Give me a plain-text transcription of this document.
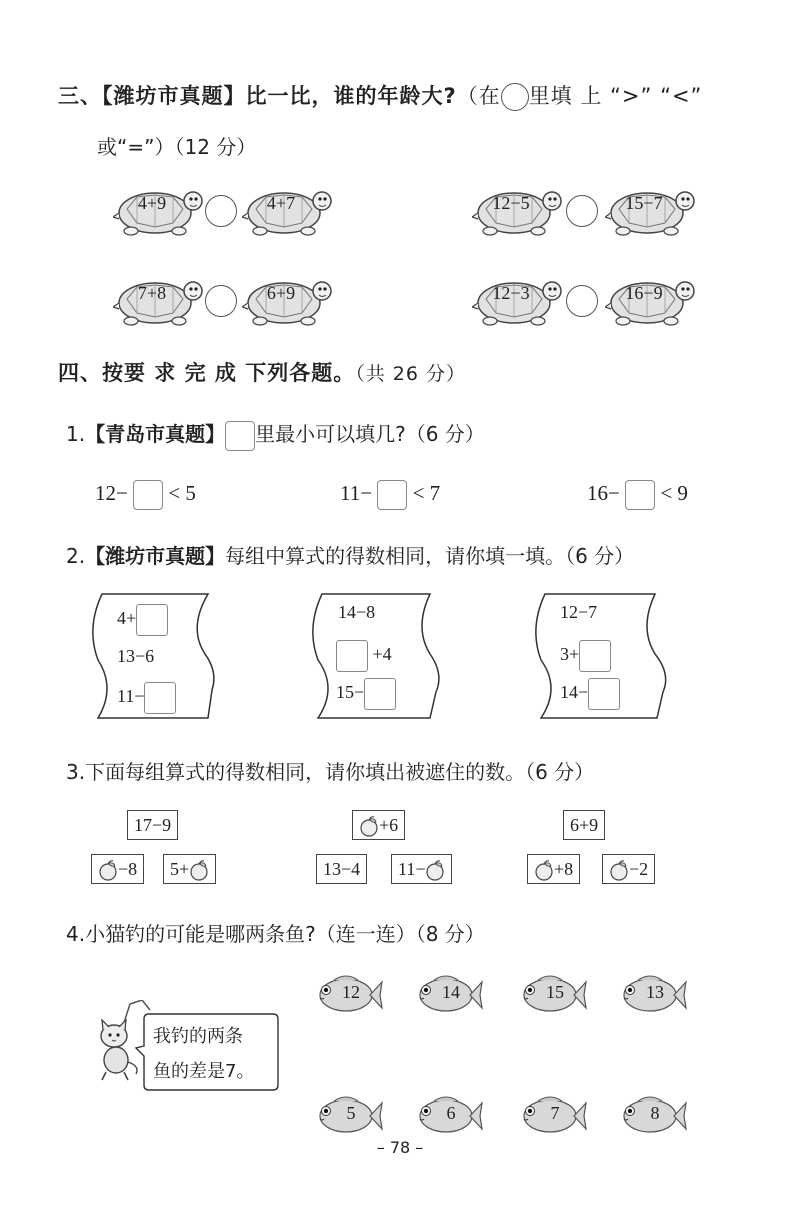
三、【潍坊市真题】比一比，谁的年龄大?（在 里填 上 “>” “<”
或“=”）（12 分）
4+9	4+7	12−5	15−7
7+8	6+9	12−3	16−9
四、按要 求 完 成 下列各题。（共 26 分）
1.【青岛市真题】 里最小可以填几?（6 分）
12− < 5	11− < 7	16− < 9
2.【潍坊市真题】每组中算式的得数相同，请你填一填。（6 分）
4+
13−6
11−
14−8
+4
15−
12−7
3+
14−
3.下面每组算式的得数相同，请你填出被遮住的数。（6 分）
17−9
−8	5+
+6
13−4	11−
6+9
+8	−2
4.小猫钓的可能是哪两条鱼?（连一连）（8 分）
我钓的两条
鱼的差是7。
12	14	15	13
5	6	7	8
– 78 –
